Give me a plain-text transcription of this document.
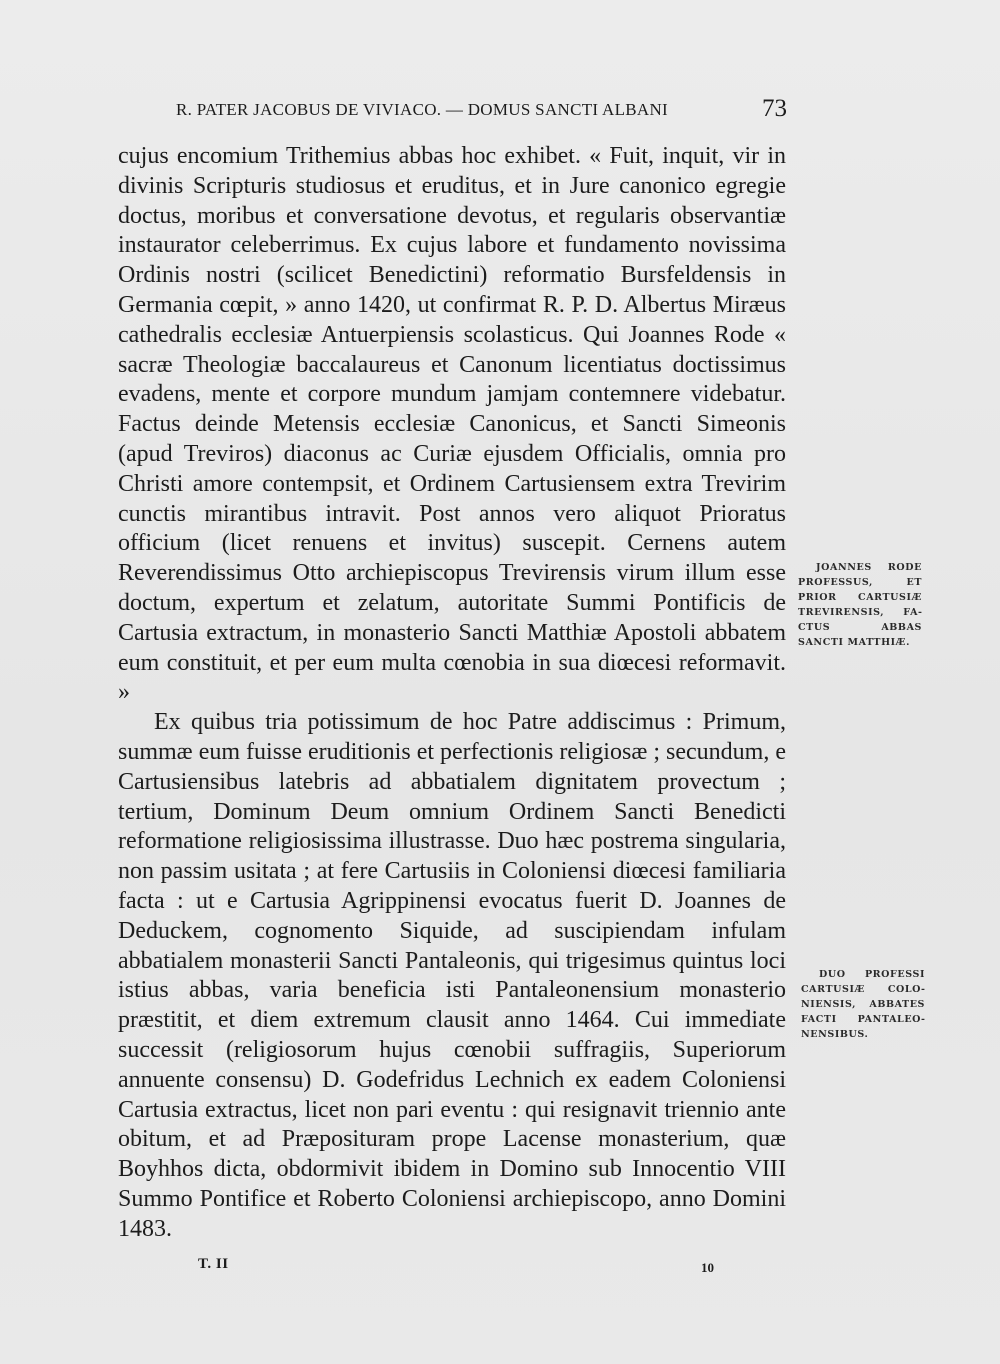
R. PATER JACOBUS DE VIVIACO. — DOMUS SANCTI ALBANI	73

cujus encomium Trithemius abbas hoc exhibet. « Fuit, inquit, vir in divinis Scripturis studiosus et eruditus, et in Jure canonico egregie doctus, moribus et conversatione devotus, et regularis observantiæ instaurator celeberrimus. Ex cujus labore et fundamento novissima Ordinis nostri (scilicet Benedictini) reformatio Bursfeldensis in Germania cœpit, » anno 1420, ut confirmat R. P. D. Albertus Miræus cathedralis ecclesiæ Antuerpiensis scolasticus. Qui Joannes Rode « sacræ Theologiæ baccalaureus et Canonum licentiatus doctissimus evadens, mente et corpore mundum jamjam contemnere videbatur. Factus deinde Metensis ecclesiæ Canonicus, et Sancti Simeonis (apud Treviros) diaconus ac Curiæ ejusdem Officialis, omnia pro Christi amore contempsit, et Ordinem Cartusiensem extra Trevirim cunctis mirantibus intravit. Post annos vero aliquot Prioratus officium (licet renuens et invitus) suscepit. Cernens autem Reverendissimus Otto archiepiscopus Trevirensis virum illum esse doctum, expertum et zelatum, autoritate Summi Pontificis de Cartusia extractum, in monasterio Sancti Matthiæ Apostoli abbatem eum constituit, et per eum multa cœnobia in sua diœcesi reformavit. »

Ex quibus tria potissimum de hoc Patre addiscimus : Primum, summæ eum fuisse eruditionis et perfectionis religiosæ ; secundum, e Cartusiensibus latebris ad abbatialem dignitatem provectum ; tertium, Dominum Deum omnium Ordinem Sancti Benedicti reformatione religiosissima illustrasse. Duo hæc postrema singularia, non passim usitata ; at fere Cartusiis in Coloniensi diœcesi familiaria facta : ut e Cartusia Agrippinensi evocatus fuerit D. Joannes de Deduckem, cognomento Siquide, ad suscipiendam infulam abbatialem monasterii Sancti Pantaleonis, qui trigesimus quintus loci istius abbas, varia beneficia isti Pantaleonensium monasterio præstitit, et diem extremum clausit anno 1464. Cui immediate successit (religiosorum hujus cœnobii suffragiis, Superiorum annuente consensu) D. Godefridus Lechnich ex eadem Coloniensi Cartusia extractus, licet non pari eventu : qui resignavit triennio ante obitum, et ad Præposituram prope Lacense monasterium, quæ Boyhhos dicta, obdormivit ibidem in Domino sub Innocentio VIII Summo Pontifice et Roberto Coloniensi archiepiscopo, anno Domini 1483.

JOANNES RODE PROFESSUS, ET PRIOR CARTUSIÆ TREVIRENSIS, FACTUS ABBAS SANCTI MATTHIÆ.
DUO PROFESSI CARTUSIÆ COLONIENSIS, ABBATES FACTI PANTALEONENSIBUS.
T. II	10
